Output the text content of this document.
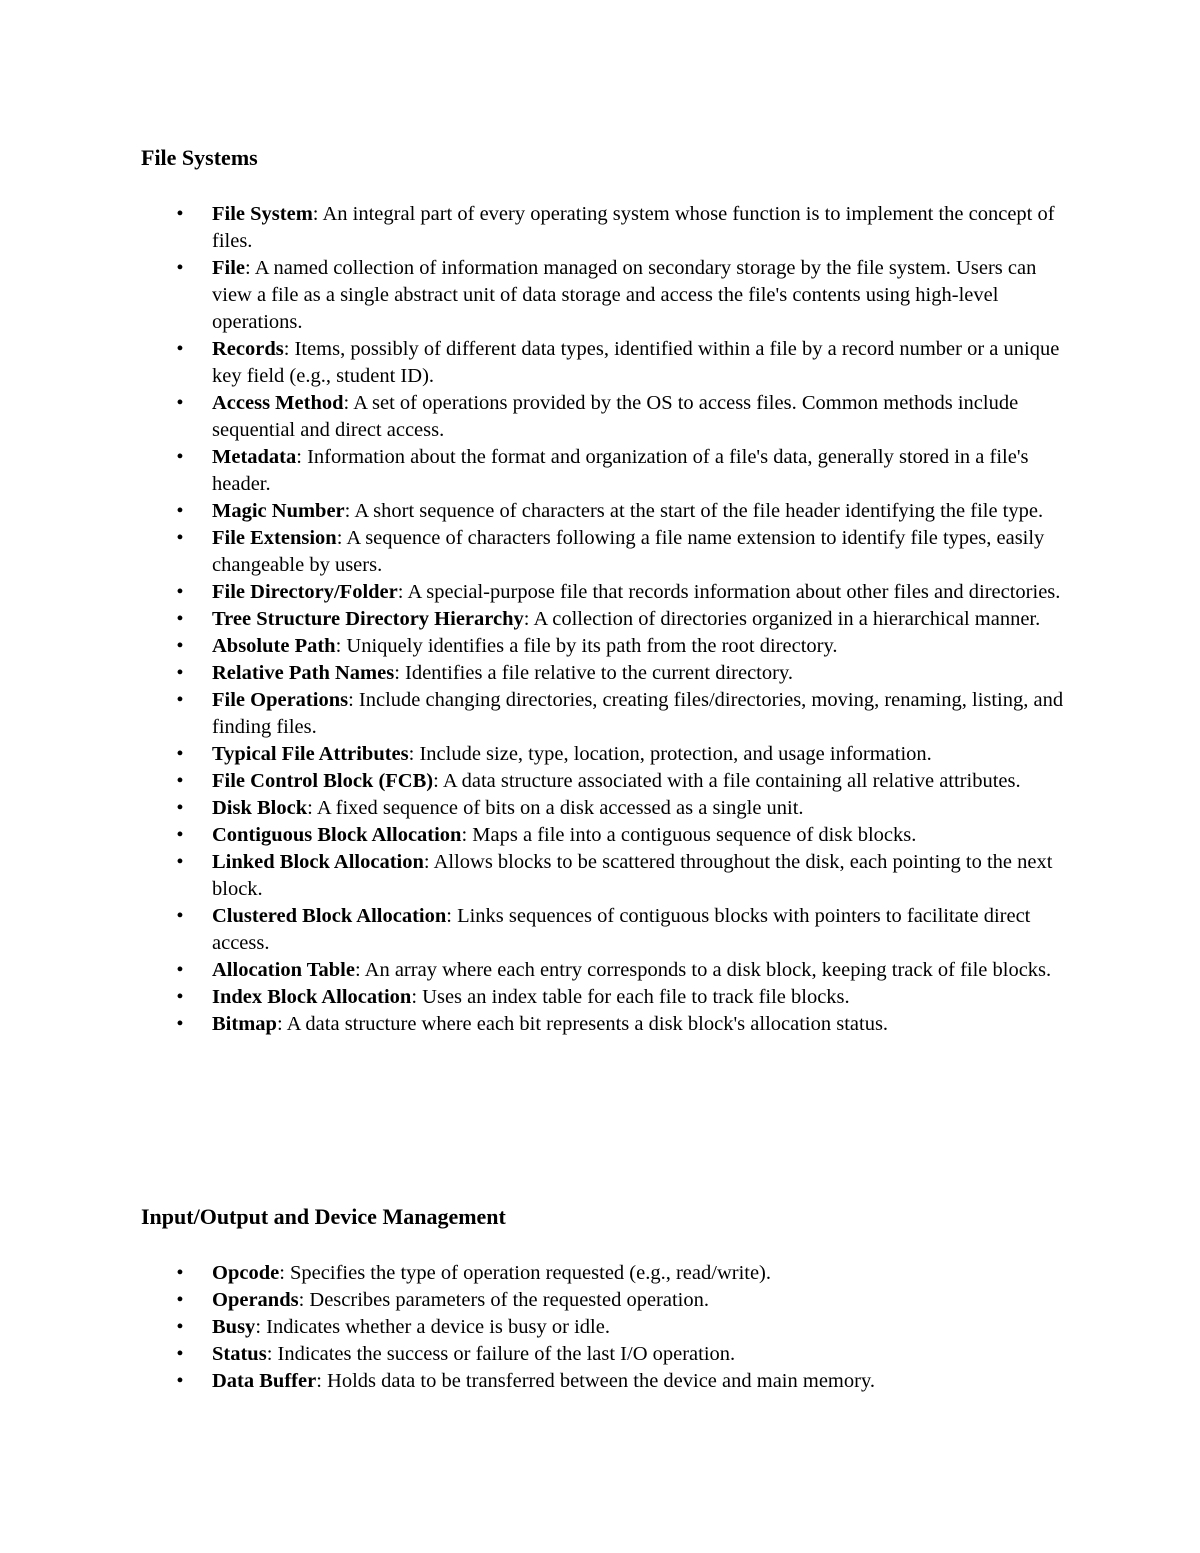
File Systems
• File System: An integral part of every operating system whose function is to implement the concept of files.
• File: A named collection of information managed on secondary storage by the file system. Users can view a file as a single abstract unit of data storage and access the file's contents using high-level operations.
• Records: Items, possibly of different data types, identified within a file by a record number or a unique key field (e.g., student ID).
• Access Method: A set of operations provided by the OS to access files. Common methods include sequential and direct access.
• Metadata: Information about the format and organization of a file's data, generally stored in a file's header.
• Magic Number: A short sequence of characters at the start of the file header identifying the file type.
• File Extension: A sequence of characters following a file name extension to identify file types, easily changeable by users.
• File Directory/Folder: A special-purpose file that records information about other files and directories.
• Tree Structure Directory Hierarchy: A collection of directories organized in a hierarchical manner.
• Absolute Path: Uniquely identifies a file by its path from the root directory.
• Relative Path Names: Identifies a file relative to the current directory.
• File Operations: Include changing directories, creating files/directories, moving, renaming, listing, and finding files.
• Typical File Attributes: Include size, type, location, protection, and usage information.
• File Control Block (FCB): A data structure associated with a file containing all relative attributes.
• Disk Block: A fixed sequence of bits on a disk accessed as a single unit.
• Contiguous Block Allocation: Maps a file into a contiguous sequence of disk blocks.
• Linked Block Allocation: Allows blocks to be scattered throughout the disk, each pointing to the next block.
• Clustered Block Allocation: Links sequences of contiguous blocks with pointers to facilitate direct access.
• Allocation Table: An array where each entry corresponds to a disk block, keeping track of file blocks.
• Index Block Allocation: Uses an index table for each file to track file blocks.
• Bitmap: A data structure where each bit represents a disk block's allocation status.
Input/Output and Device Management
• Opcode: Specifies the type of operation requested (e.g., read/write).
• Operands: Describes parameters of the requested operation.
• Busy: Indicates whether a device is busy or idle.
• Status: Indicates the success or failure of the last I/O operation.
• Data Buffer: Holds data to be transferred between the device and main memory.
